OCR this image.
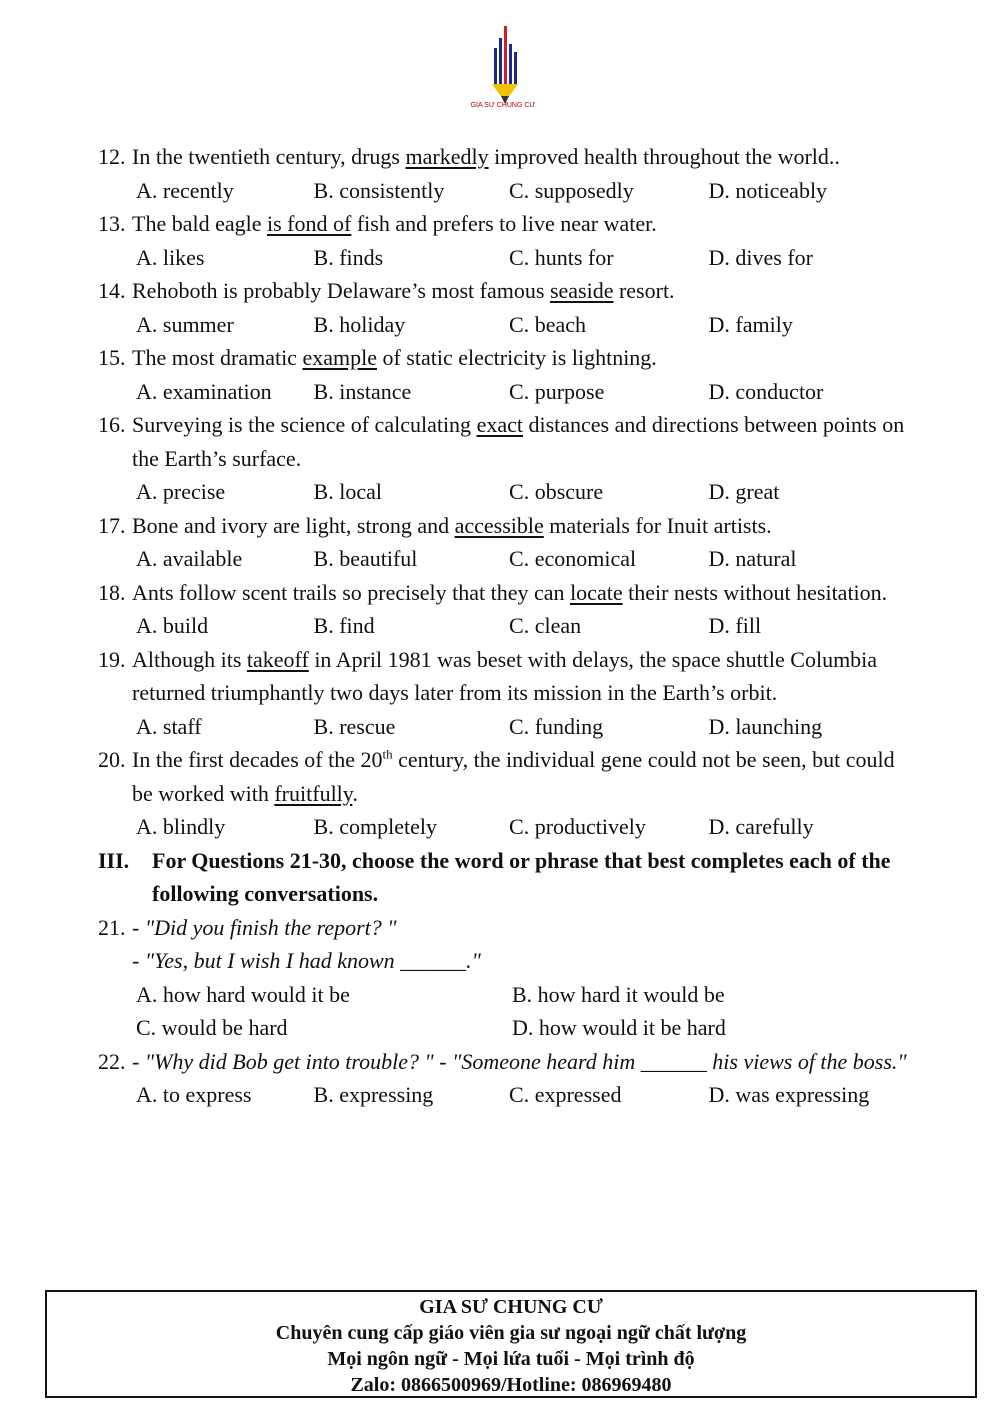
GIA SƯ CHUNG CƯ
12. In the twentieth century, drugs markedly improved health throughout the world..
A. recently	B. consistently	C. supposedly	D. noticeably
13. The bald eagle is fond of fish and prefers to live near water.
A. likes	B. finds	C. hunts for	D. dives for
14. Rehoboth is probably Delaware’s most famous seaside resort.
A. summer	B. holiday	C. beach	D. family
15. The most dramatic example of static electricity is lightning.
A. examination	B. instance	C. purpose	D. conductor
16. Surveying is the science of calculating exact distances and directions between points on the Earth’s surface.
A. precise	B. local	C. obscure	D. great
17. Bone and ivory are light, strong and accessible materials for Inuit artists.
A. available	B. beautiful	C. economical	D. natural
18. Ants follow scent trails so precisely that they can locate their nests without hesitation.
A. build	B. find	C. clean	D. fill
19. Although its takeoff in April 1981 was beset with delays, the space shuttle Columbia returned triumphantly two days later from its mission in the Earth’s orbit.
A. staff	B. rescue	C. funding	D. launching
20. In the first decades of the 20th century, the individual gene could not be seen, but could be worked with fruitfully.
A. blindly	B. completely	C. productively	D. carefully
III.	For Questions 21-30, choose the word or phrase that best completes each of the following conversations.
21. - "Did you finish the report? "
- "Yes, but I wish I had known ______."
A. how hard would it be	B. how hard it would be
C. would be hard	D. how would it be hard
22. - "Why did Bob get into trouble? " - "Someone heard him ______ his views of the boss."
A. to express	B. expressing	C. expressed	D. was expressing
GIA SƯ CHUNG CƯ
Chuyên cung cấp giáo viên gia sư ngoại ngữ chất lượng
Mọi ngôn ngữ - Mọi lứa tuổi - Mọi trình độ
Zalo: 0866500969/Hotline: 086969480
